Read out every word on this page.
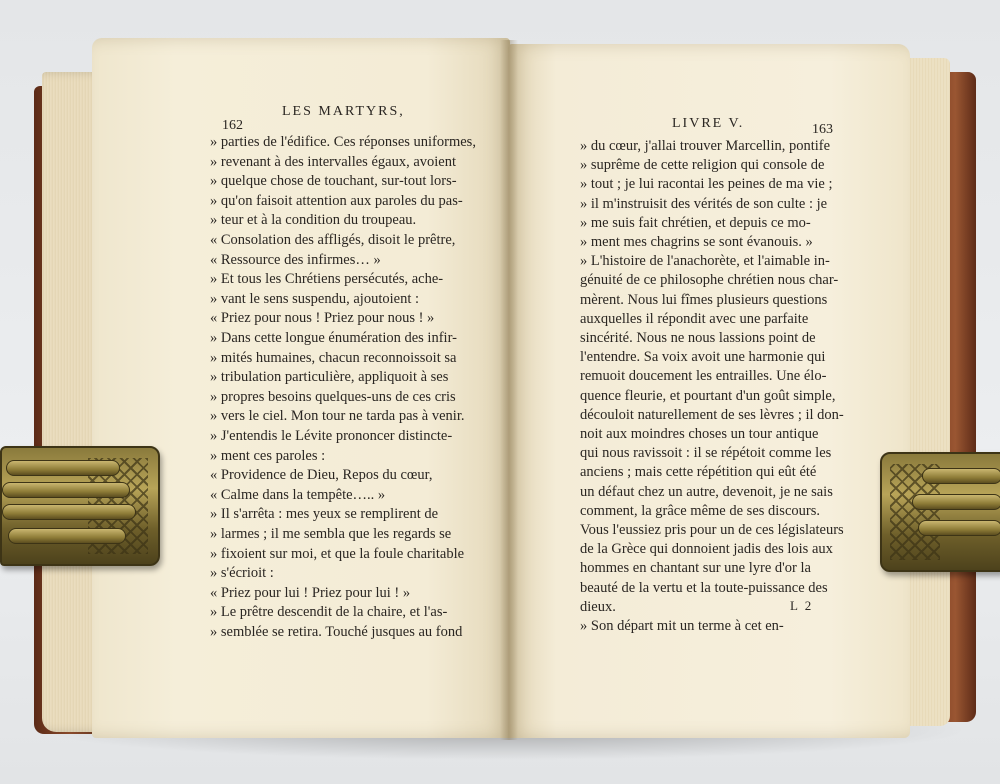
162
LES MARTYRS,
» parties de l'édifice. Ces réponses uniformes,
» revenant à des intervalles égaux, avoient
» quelque chose de touchant, sur-tout lors-
» qu'on faisoit attention aux paroles du pas-
» teur et à la condition du troupeau.
« Consolation des affligés, disoit le prêtre,
« Ressource des infirmes… »
» Et tous les Chrétiens persécutés, ache-
» vant le sens suspendu, ajoutoient :
« Priez pour nous ! Priez pour nous ! »
» Dans cette longue énumération des infir-
» mités humaines, chacun reconnoissoit sa
» tribulation particulière, appliquoit à ses
» propres besoins quelques-uns de ces cris
» vers le ciel. Mon tour ne tarda pas à venir.
» J'entendis le Lévite prononcer distincte-
» ment ces paroles :
« Providence de Dieu, Repos du cœur,
« Calme dans la tempête….. »
» Il s'arrêta : mes yeux se remplirent de
» larmes ; il me sembla que les regards se
» fixoient sur moi, et que la foule charitable
» s'écrioit :
« Priez pour lui ! Priez pour lui ! »
» Le prêtre descendit de la chaire, et l'as-
» semblée se retira. Touché jusques au fond
LIVRE V.	163
» du cœur, j'allai trouver Marcellin, pontife
» suprême de cette religion qui console de
» tout ; je lui racontai les peines de ma vie ;
» il m'instruisit des vérités de son culte : je
» me suis fait chrétien, et depuis ce mo-
» ment mes chagrins se sont évanouis. »
» L'histoire de l'anachorète, et l'aimable in-
génuité de ce philosophe chrétien nous char-
mèrent. Nous lui fîmes plusieurs questions
auxquelles il répondit avec une parfaite
sincérité. Nous ne nous lassions point de
l'entendre. Sa voix avoit une harmonie qui
remuoit doucement les entrailles. Une élo-
quence fleurie, et pourtant d'un goût simple,
découloit naturellement de ses lèvres ; il don-
noit aux moindres choses un tour antique
qui nous ravissoit : il se répétoit comme les
anciens ; mais cette répétition qui eût été
un défaut chez un autre, devenoit, je ne sais
comment, la grâce même de ses discours.
Vous l'eussiez pris pour un de ces législateurs
de la Grèce qui donnoient jadis des lois aux
hommes en chantant sur une lyre d'or la
beauté de la vertu et la toute-puissance des
dieux.
» Son départ mit un terme à cet en-
L 2
